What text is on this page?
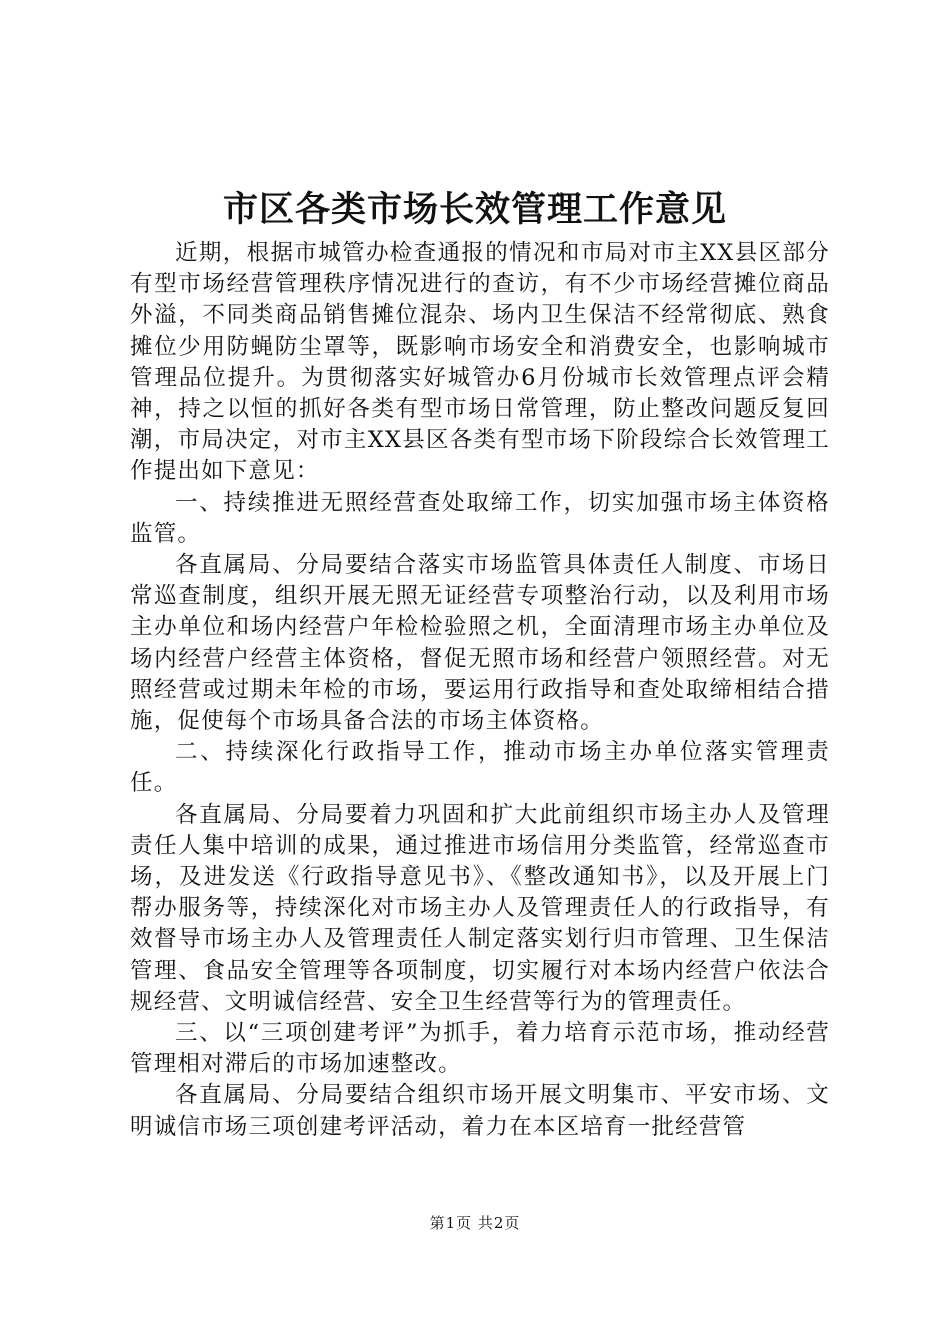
市区各类市场长效管理工作意见

近期，根据市城管办检查通报的情况和市局对市主XX县区部分有型市场经营管理秩序情况进行的查访，有不少市场经营摊位商品外溢，不同类商品销售摊位混杂、场内卫生保洁不经常彻底、熟食摊位少用防蝇防尘罩等，既影响市场安全和消费安全，也影响城市管理品位提升。为贯彻落实好城管办6月份城市长效管理点评会精神，持之以恒的抓好各类有型市场日常管理，防止整改问题反复回潮，市局决定，对市主XX县区各类有型市场下阶段综合长效管理工作提出如下意见：

一、持续推进无照经营查处取缔工作，切实加强市场主体资格监管。

各直属局、分局要结合落实市场监管具体责任人制度、市场日常巡查制度，组织开展无照无证经营专项整治行动，以及利用市场主办单位和场内经营户年检检验照之机，全面清理市场主办单位及场内经营户经营主体资格，督促无照市场和经营户领照经营。对无照经营或过期未年检的市场，要运用行政指导和查处取缔相结合措施，促使每个市场具备合法的市场主体资格。

二、持续深化行政指导工作，推动市场主办单位落实管理责任。

各直属局、分局要着力巩固和扩大此前组织市场主办人及管理责任人集中培训的成果，通过推进市场信用分类监管，经常巡查市场，及进发送《行政指导意见书》、《整改通知书》，以及开展上门帮办服务等，持续深化对市场主办人及管理责任人的行政指导，有效督导市场主办人及管理责任人制定落实划行归市管理、卫生保洁管理、食品安全管理等各项制度，切实履行对本场内经营户依法合规经营、文明诚信经营、安全卫生经营等行为的管理责任。

三、以“三项创建考评”为抓手，着力培育示范市场，推动经营管理相对滞后的市场加速整改。

各直属局、分局要结合组织市场开展文明集市、平安市场、文明诚信市场三项创建考评活动，着力在本区培育一批经营管

第1页 共2页
